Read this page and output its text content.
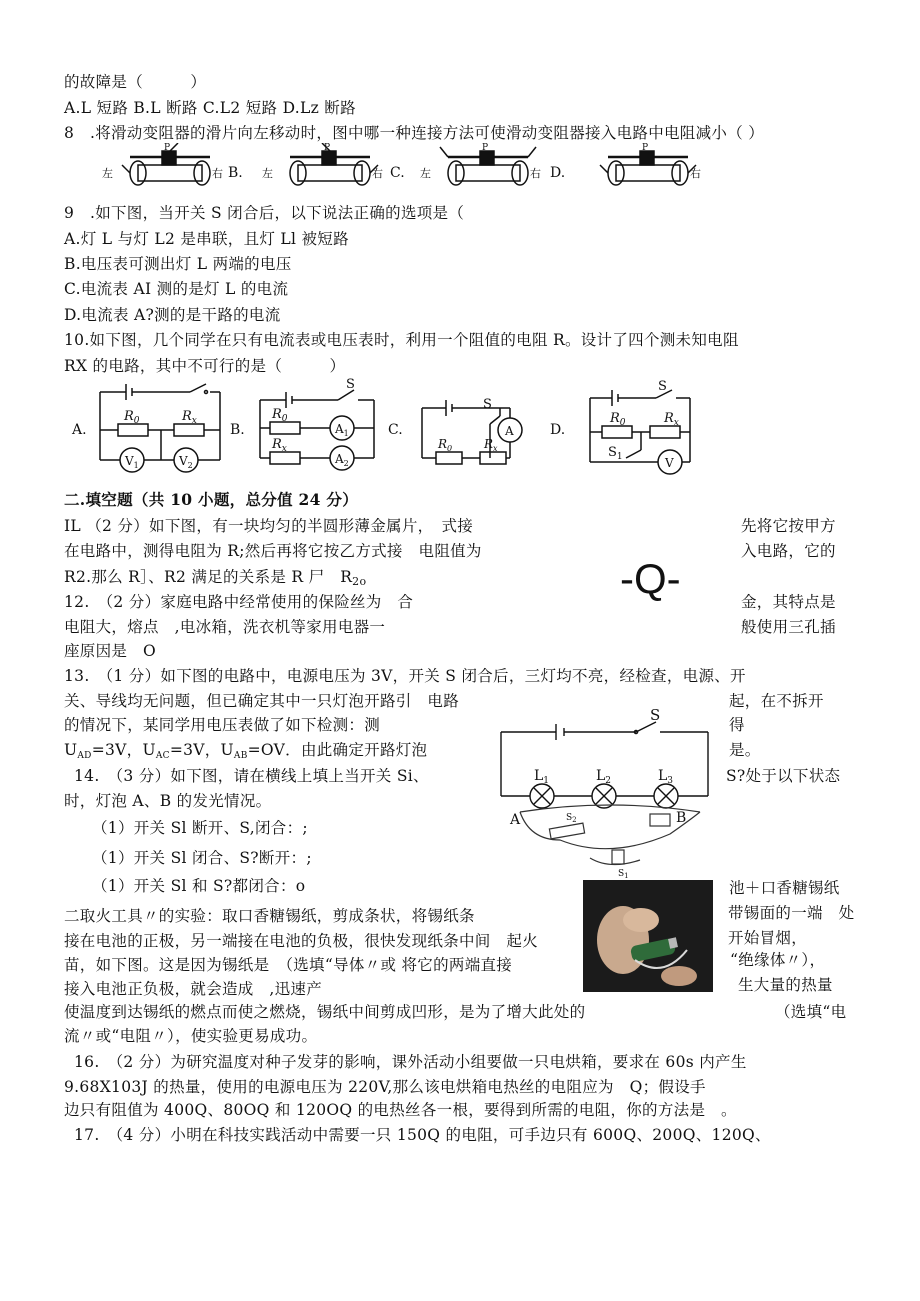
的故障是（　　　）
A.L 短路 B.L 断路 C.L2 短路 D.Lz 断路
8　.将滑动变阻器的滑片向左移动时，图中哪一种连接方法可使滑动变阻器接入电路中电阻减小（ ）
左
P
右 B. 左
P
右 C. 左
P
右 D.
P
右
9　.如下图，当开关 S 闭合后，以下说法正确的选项是（
A.灯 L 与灯 L2 是串联，且灯 Ll 被短路
B.电压表可测出灯 L 两端的电压
C.电流表 AI 测的是灯 L 的电流
D.电流表 A?测的是干路的电流
10.如下图，几个同学在只有电流表或电压表时，利用一个阻值的电阻 R。设计了四个测未知电阻
RX 的电路，其中不可行的是（　　　）
A.
$R_0$	$R_x$
$V_1$	$V_2$
B.
S
$R_0$
$R_x$
$A_1$
$A_2$
C.
S
$R_0$	$R_x$
A	D.
S
$R_0$	$R_x$
$S_1$	V
二.填空题（共 10 小题，总分值 24 分）
IL （2 分）如下图，有一块均匀的半圆形薄金属片，　式接	先将它按甲方
在电路中，测得电阻为 R;然后再将它按乙方式接　电阻值为	入电路，它的
R2.那么 R］、R2 满足的关系是 R 尸　R2o	-Q-
12.　（2 分）家庭电路中经常使用的保险丝为　合	金，其特点是
电阻大，熔点　,电冰箱，洗衣机等家用电器一	般使用三孔插
座原因是　O
13.　（1 分）如下图的电路中，电源电压为 3V，开关 S 闭合后，三灯均不亮，经检查，电源、开
关、导线均无问题，但已确定其中一只灯泡开路引　电路	起，在不拆开
的情况下，某同学用电压表做了如下检测：测	得
UAD=3V，UAC=3V，UAB=OV．由此确定开路灯泡	是。
S
$L_1$	$L_2$	$L_3$
14.　（3 分）如下图，请在横线上填上当开关 Si、	S?处于以下状态
时，灯泡 A、B 的发光情况。
（1）开关 Sl 断开、S,闭合：;
（1）开关 Sl 闭合、S?断开：;
（1）开关 Sl 和 S?都闭合：o	池＋口香糖锡纸
A	B
$S_2$
$S_1$
二取火工具〃的实验：取口香糖锡纸，剪成条状，将锡纸条	带锡面的一端　处
接在电池的正极，另一端接在电池的负极，很快发现纸条中间　起火	开始冒烟，
苗，如下图。这是因为锡纸是　（选填“导体〃或 将它的两端直接	“绝缘体〃），
接入电池正负极，就会造成　,迅速产	生大量的热量
使温度到达锡纸的燃点而使之燃烧，锡纸中间剪成凹形，是为了增大此处的	（选填“电
流〃或“电阻〃），使实验更易成功。
16.　（2 分）为研究温度对种子发芽的影响，课外活动小组要做一只电烘箱，要求在 60s 内产生
9.68X103J 的热量，使用的电源电压为 220V,那么该电烘箱电热丝的电阻应为　Q；假设手
边只有阻值为 400Q、80OQ 和 120OQ 的电热丝各一根，要得到所需的电阻，你的方法是　。
17.　（4 分）小明在科技实践活动中需要一只 150Q 的电阻，可手边只有 600Q、200Q、120Q、
